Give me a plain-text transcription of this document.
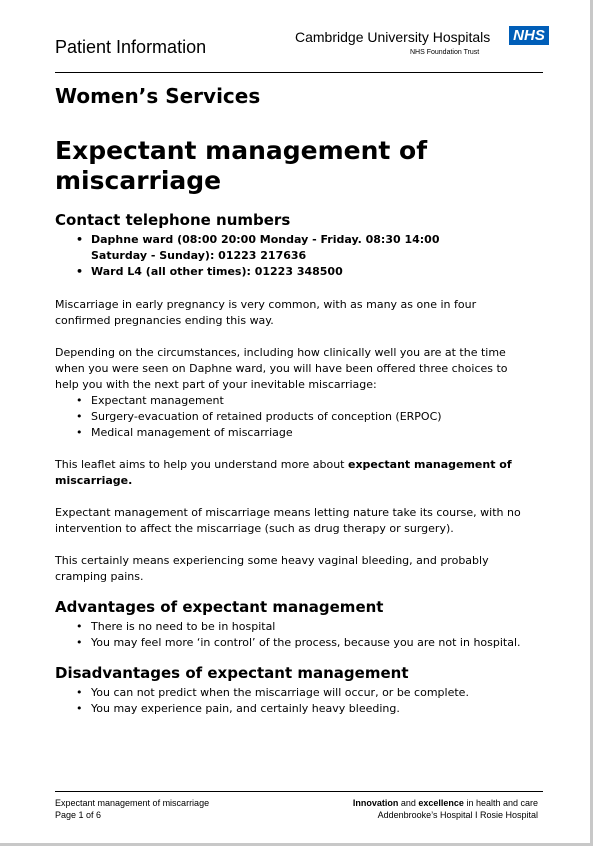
Patient Information	Cambridge University Hospitals NHS
NHS Foundation Trust
Women’s Services
Expectant management of
miscarriage
Contact telephone numbers
• Daphne ward (08:00 20:00 Monday - Friday. 08:30 14:00
Saturday - Sunday): 01223 217636
• Ward L4 (all other times): 01223 348500
Miscarriage in early pregnancy is very common, with as many as one in four
confirmed pregnancies ending this way.
Depending on the circumstances, including how clinically well you are at the time
when you were seen on Daphne ward, you will have been offered three choices to
help you with the next part of your inevitable miscarriage:
• Expectant management
• Surgery-evacuation of retained products of conception (ERPOC)
• Medical management of miscarriage
This leaflet aims to help you understand more about expectant management of
miscarriage.
Expectant management of miscarriage means letting nature take its course, with no
intervention to affect the miscarriage (such as drug therapy or surgery).
This certainly means experiencing some heavy vaginal bleeding, and probably
cramping pains.
Advantages of expectant management
• There is no need to be in hospital
• You may feel more ‘in control’ of the process, because you are not in hospital.
Disadvantages of expectant management
• You can not predict when the miscarriage will occur, or be complete.
• You may experience pain, and certainly heavy bleeding.
Expectant management of miscarriage
Page 1 of 6
Innovation and excellence in health and care
Addenbrooke’s Hospital I Rosie Hospital
